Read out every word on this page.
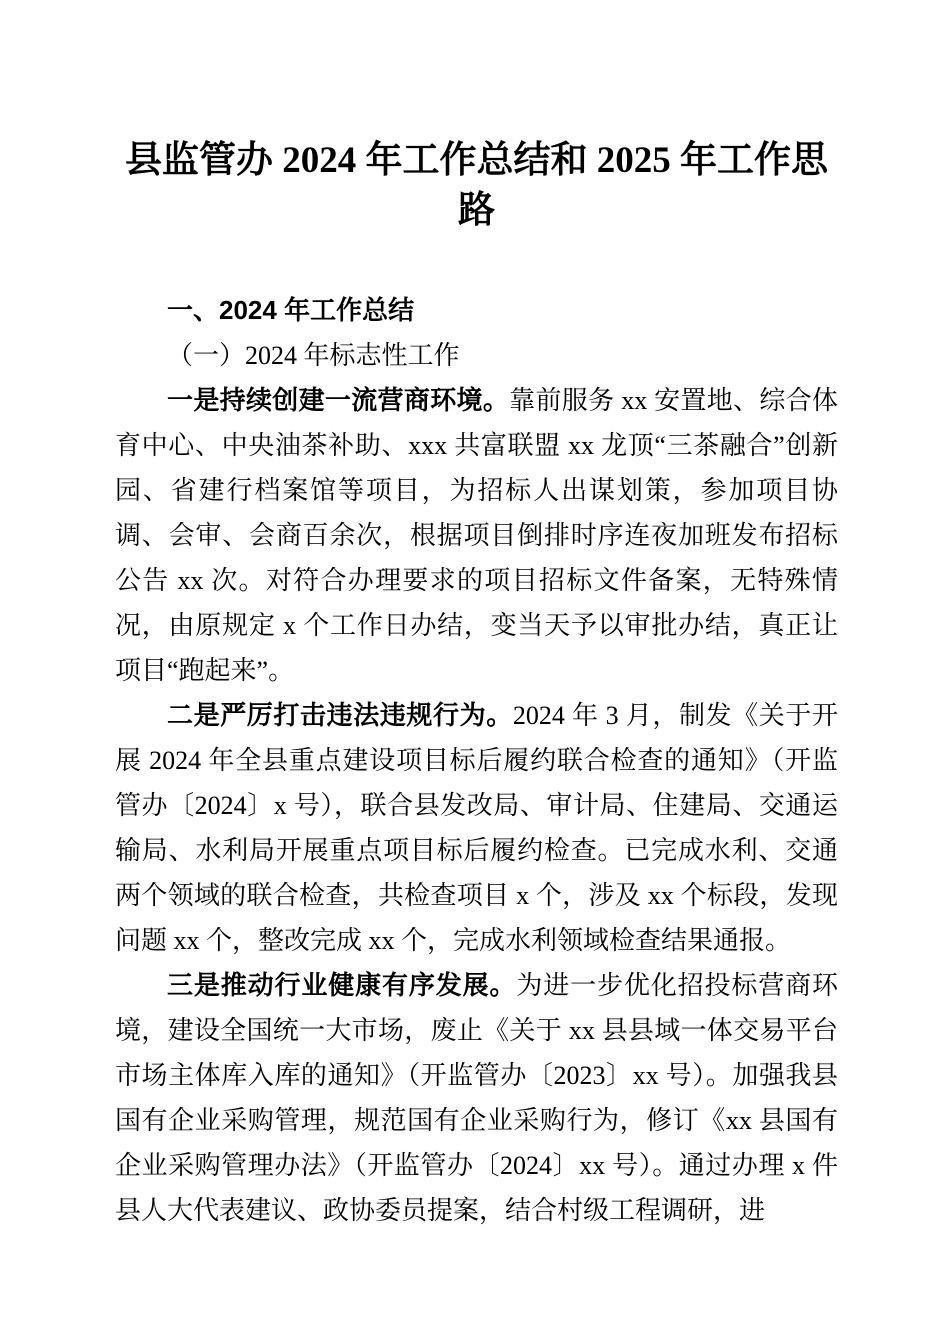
县监管办 2024 年工作总结和 2025 年工作思路
一、2024 年工作总结
（一）2024 年标志性工作

一是持续创建一流营商环境。靠前服务 xx 安置地、综合体育中心、中央油茶补助、xxx 共富联盟 xx 龙顶“三茶融合”创新园、省建行档案馆等项目，为招标人出谋划策，参加项目协调、会审、会商百余次，根据项目倒排时序连夜加班发布招标公告 xx 次。对符合办理要求的项目招标文件备案，无特殊情况，由原规定 x 个工作日办结，变当天予以审批办结，真正让项目“跑起来”。

二是严厉打击违法违规行为。2024 年 3 月，制发《关于开展 2024 年全县重点建设项目标后履约联合检查的通知》（开监管办〔2024〕x 号），联合县发改局、审计局、住建局、交通运输局、水利局开展重点项目标后履约检查。已完成水利、交通两个领域的联合检查，共检查项目 x 个，涉及 xx 个标段，发现问题 xx 个，整改完成 xx 个，完成水利领域检查结果通报。

三是推动行业健康有序发展。为进一步优化招投标营商环境，建设全国统一大市场，废止《关于 xx 县县域一体交易平台市场主体库入库的通知》（开监管办〔2023〕xx 号）。加强我县国有企业采购管理，规范国有企业采购行为，修订《xx 县国有企业采购管理办法》（开监管办〔2024〕xx 号）。通过办理 x 件县人大代表建议、政协委员提案，结合村级工程调研，进
